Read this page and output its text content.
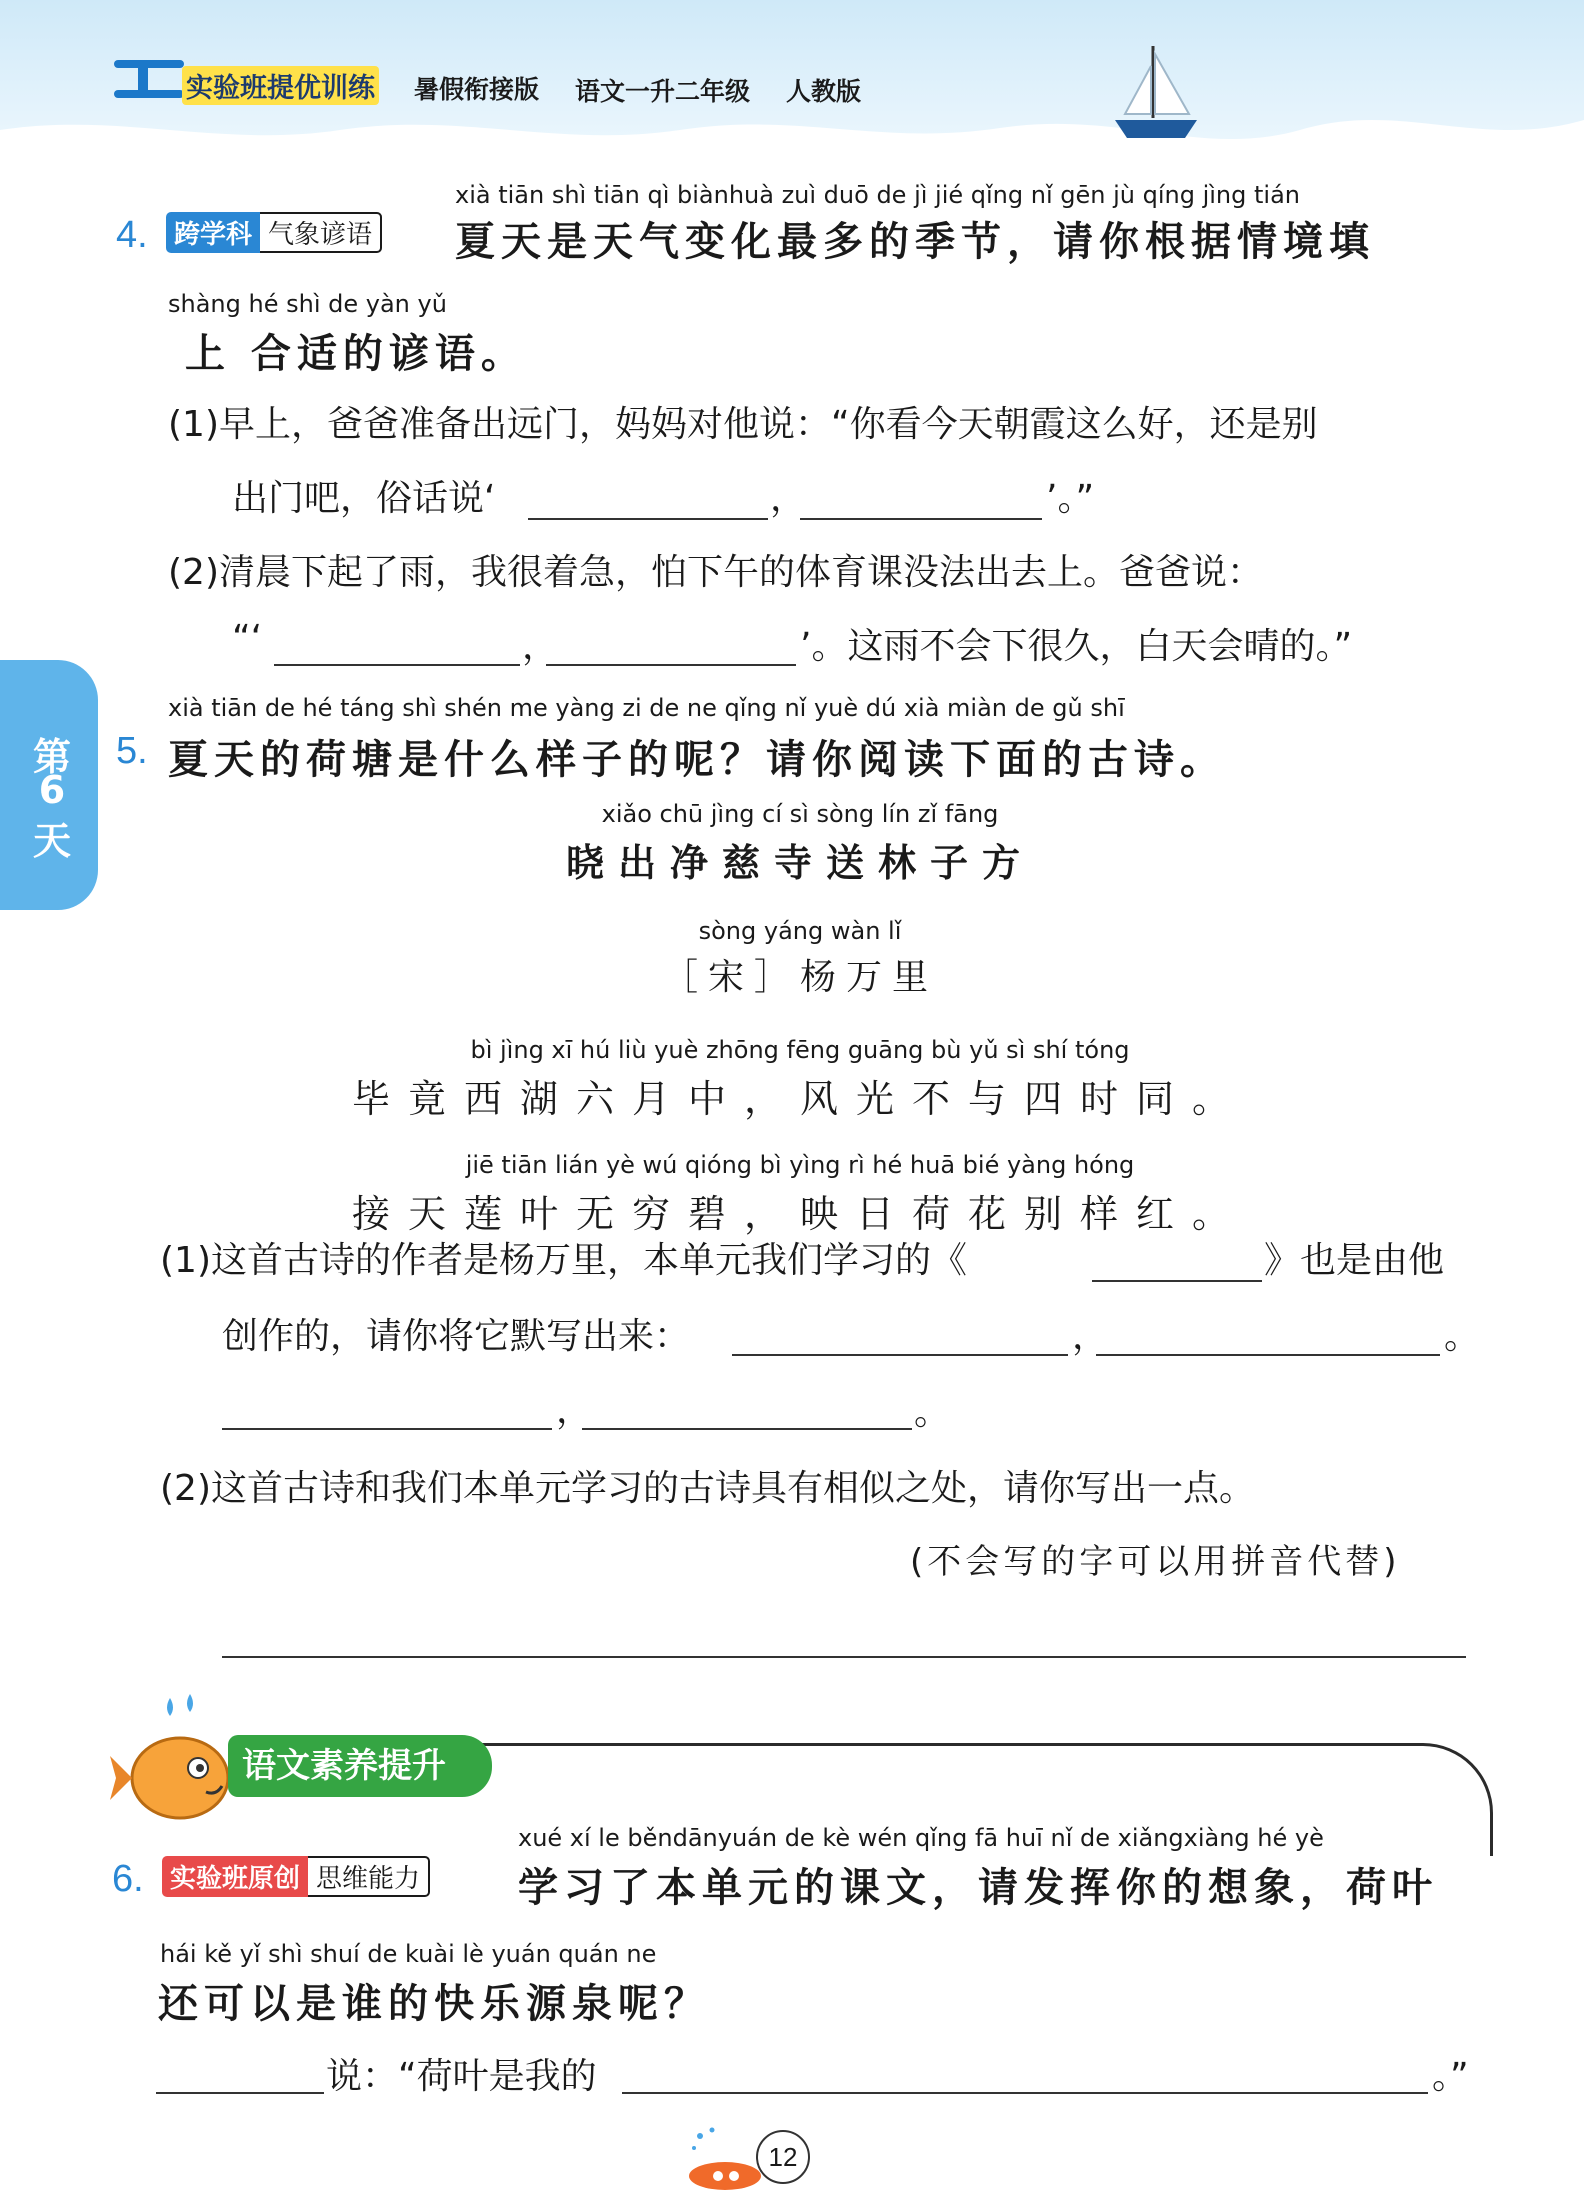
实验班提优训练 暑假衔接版 语文一升二年级 人教版
第
6
天
xià tiān shì tiān qì biànhuà zuì duō de jì jié qǐng nǐ gēn jù qíng jìng tián
4.	跨学科 气象谚语 夏天是天气变化最多的季节，请你根据情境填
shàng hé shì de yàn yǔ
上 合适的谚语。
(1)早上，爸爸准备出远门，妈妈对他说：“你看今天朝霞这么好，还是别
出门吧，俗话说‘	，	’。”
(2)清晨下起了雨，我很着急，怕下午的体育课没法出去上。爸爸说：
“‘	，	’。这雨不会下很久，白天会晴的。”
xià tiān de hé táng shì shén me yàng zi de ne qǐng nǐ yuè dú xià miàn de gǔ shī
5. 夏天的荷塘是什么样子的呢？请你阅读下面的古诗。
xiǎo chū jìng cí sì sòng lín zǐ fāng
晓出净慈寺送林子方
sòng yáng wàn lǐ
［宋］杨万里
bì jìng xī hú liù yuè zhōng fēng guāng bù yǔ sì shí tóng
毕竟西湖六月中，风光不与四时同。
jiē tiān lián yè wú qióng bì yìng rì hé huā bié yàng hóng
接天莲叶无穷碧，映日荷花别样红。
(1)这首古诗的作者是杨万里，本单元我们学习的《	》也是由他
创作的，请你将它默写出来：	，	。
，	。
(2)这首古诗和我们本单元学习的古诗具有相似之处，请你写出一点。
(不会写的字可以用拼音代替)
语文素养提升
xué xí le běndānyuán de kè wén qǐng fā huī nǐ de xiǎngxiàng hé yè
6.	实验班原创 思维能力 学习了本单元的课文，请发挥你的想象，荷叶
hái kě yǐ shì shuí de kuài lè yuán quán ne
还可以是谁的快乐源泉呢？
说：“荷叶是我的	。”
12
